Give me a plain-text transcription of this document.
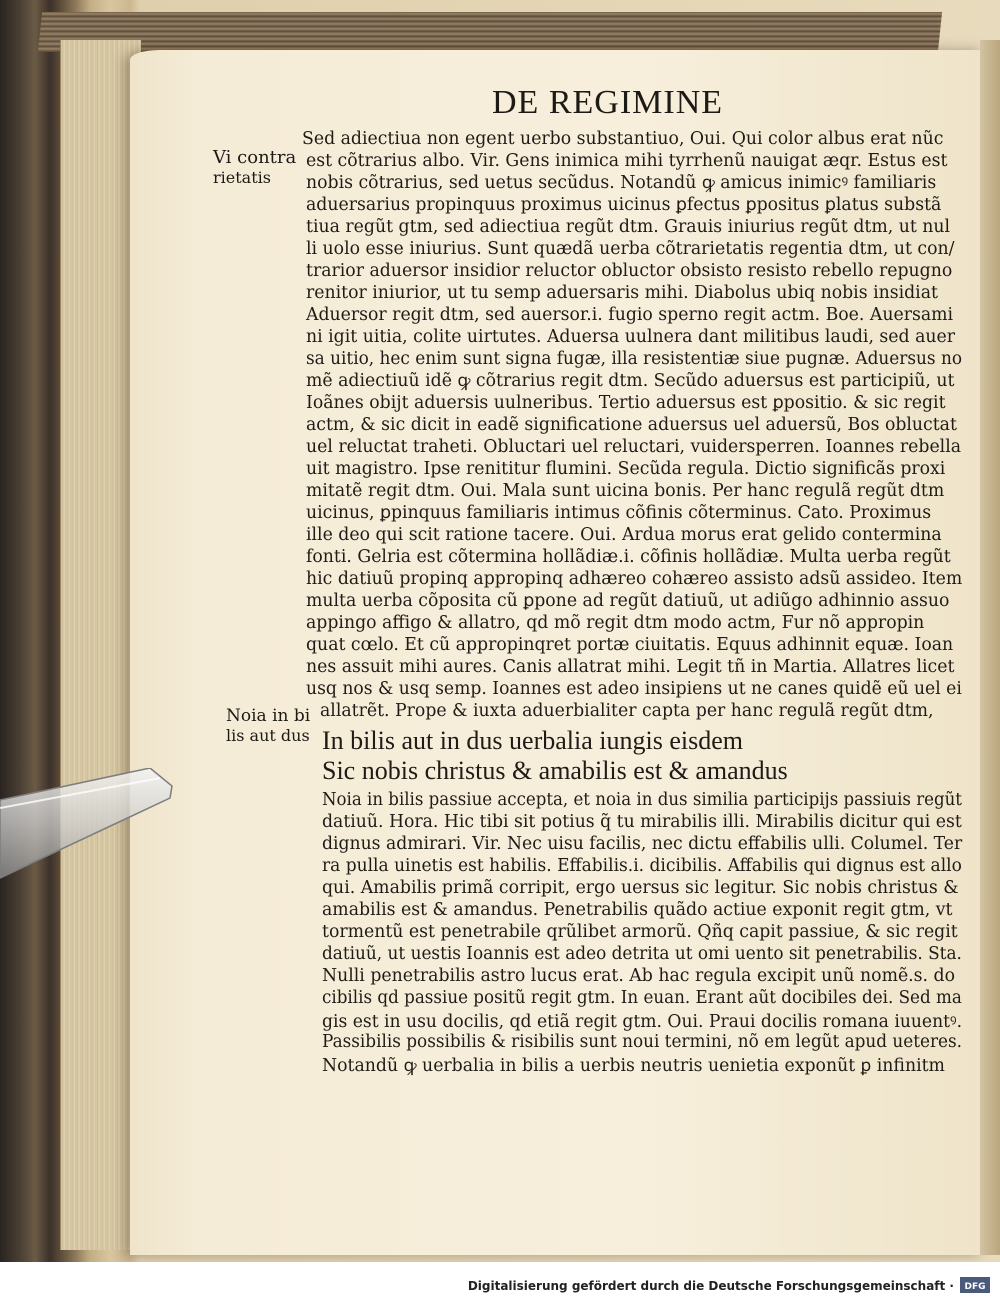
DE REGIMINE
Vi contra
rietatis
Noia in bi
lis aut dus
Sed adiectiua non egent uerbo substantiuo, Oui. Qui color albus erat nũc
est cõtrarius albo. Vir. Gens inimica mihi tyrrhenũ nauigat æqr. Estus est
nobis cõtrarius, sed uetus secũdus. Notandũ ꝙ amicus inimicꝰ familiaris
aduersarius propinquus proximus uicinus ꝑfectus ꝑpositus ꝑlatus substã
tiua regũt gtm, sed adiectiua regũt dtm. Grauis iniurius regũt dtm, ut nul
li uolo esse iniurius. Sunt quædã uerba cõtrarietatis regentia dtm, ut con/
trarior aduersor insidior reluctor obluctor obsisto resisto rebello repugno
renitor iniurior, ut tu semp aduersaris mihi. Diabolus ubiq nobis insidiat
Aduersor regit dtm, sed auersor.i. fugio sperno regit actm. Boe. Auersami
ni igit uitia, colite uirtutes. Aduersa uulnera dant militibus laudi, sed auer
sa uitio, hec enim sunt signa fugæ, illa resistentiæ siue pugnæ. Aduersus no
mẽ adiectiuũ idẽ ꝙ cõtrarius regit dtm. Secũdo aduersus est participiũ, ut
Ioãnes obijt aduersis uulneribus. Tertio aduersus est ꝑpositio. & sic regit
actm, & sic dicit in eadẽ significatione aduersus uel aduersũ, Bos obluctat
uel reluctat traheti. Obluctari uel reluctari, vuidersperren. Ioannes rebella
uit magistro. Ipse renititur flumini. Secũda regula. Dictio significãs proxi
mitatẽ regit dtm. Oui. Mala sunt uicina bonis. Per hanc regulã regũt dtm
uicinus, ꝑpinquus familiaris intimus cõfinis cõterminus. Cato. Proximus
ille deo qui scit ratione tacere. Oui. Ardua morus erat gelido contermina
fonti. Gelria est cõtermina hollãdiæ.i. cõfinis hollãdiæ. Multa uerba regũt
hic datiuũ propinq appropinq adhæreo cohæreo assisto adsũ assideo. Item
multa uerba cõposita cũ ꝑpone ad regũt datiuũ, ut adiũgo adhinnio assuo
appingo affigo & allatro, qd mõ regit dtm modo actm, Fur nõ appropin
quat cœlo. Et cũ appropinqret portæ ciuitatis. Equus adhinnit equæ. Ioan
nes assuit mihi aures. Canis allatrat mihi. Legit tñ in Martia. Allatres licet
usq nos & usq semp. Ioannes est adeo insipiens ut ne canes quidẽ eũ uel ei
allatrẽt. Prope & iuxta aduerbialiter capta per hanc regulã regũt dtm,
In bilis aut in dus uerbalia iungis eisdem
Sic nobis christus & amabilis est & amandus
Noia in bilis passiue accepta, et noia in dus similia participijs passiuis regũt
datiuũ. Hora. Hic tibi sit potius q̃ tu mirabilis illi. Mirabilis dicitur qui est
dignus admirari. Vir. Nec uisu facilis, nec dictu effabilis ulli. Columel. Ter
ra pulla uinetis est habilis. Effabilis.i. dicibilis. Affabilis qui dignus est allo
qui. Amabilis primã corripit, ergo uersus sic legitur. Sic nobis christus &
amabilis est & amandus. Penetrabilis quãdo actiue exponit regit gtm, vt
tormentũ est penetrabile qrũlibet armorũ. Qñq capit passiue, & sic regit
datiuũ, ut uestis Ioannis est adeo detrita ut omi uento sit penetrabilis. Sta.
Nulli penetrabilis astro lucus erat. Ab hac regula excipit unũ nomẽ.s. do
cibilis qd passiue positũ regit gtm. In euan. Erant aũt docibiles dei. Sed ma
gis est in usu docilis, qd etiã regit gtm. Oui. Praui docilis romana iuuentꝰ.
Passibilis possibilis & risibilis sunt noui termini, nõ em legũt apud ueteres.
Notandũ ꝙ uerbalia in bilis a uerbis neutris uenietia exponũt ꝑ infinitm
Digitalisierung gefördert durch die Deutsche Forschungsgemeinschaft · DFG
